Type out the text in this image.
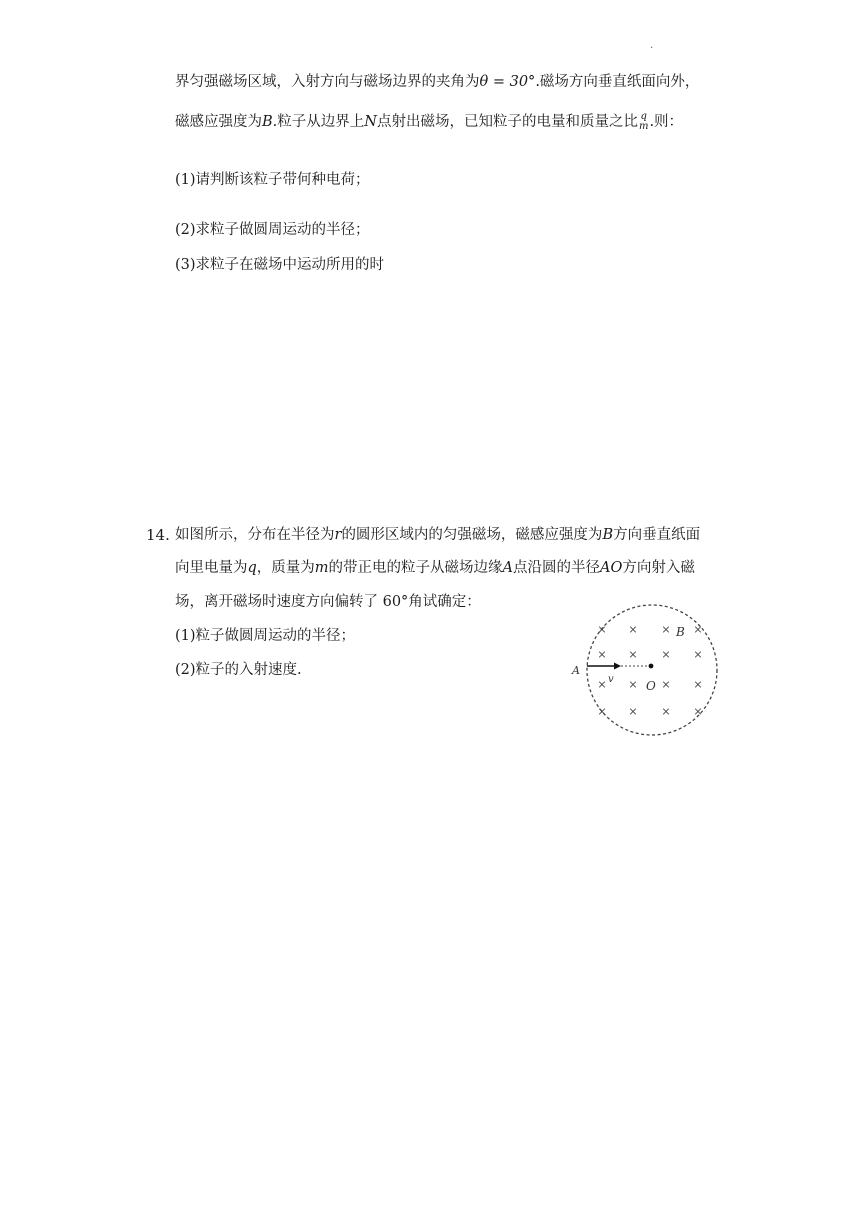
.
界匀强磁场区域，入射方向与磁场边界的夹角为θ = 30°.磁场方向垂直纸面向外，
磁感应强度为B.粒子从边界上N点射出磁场，已知粒子的电量和质量之比 q
m .则：
(1)请判断该粒子带何种电荷；
(2)求粒子做圆周运动的半径；
(3)求粒子在磁场中运动所用的时
14. 如图所示，分布在半径为r的圆形区域内的匀强磁场，磁感应强度为B方向垂直纸面
向里电量为q，质量为m的带正电的粒子从磁场边缘A点沿圆的半径AO方向射入磁
场，离开磁场时速度方向偏转了 60°角试确定：
(1)粒子做圆周运动的半径；
(2)粒子的入射速度.
× × × ×
× × × ×
× × × ×
× × × ×
A
v	O
B
